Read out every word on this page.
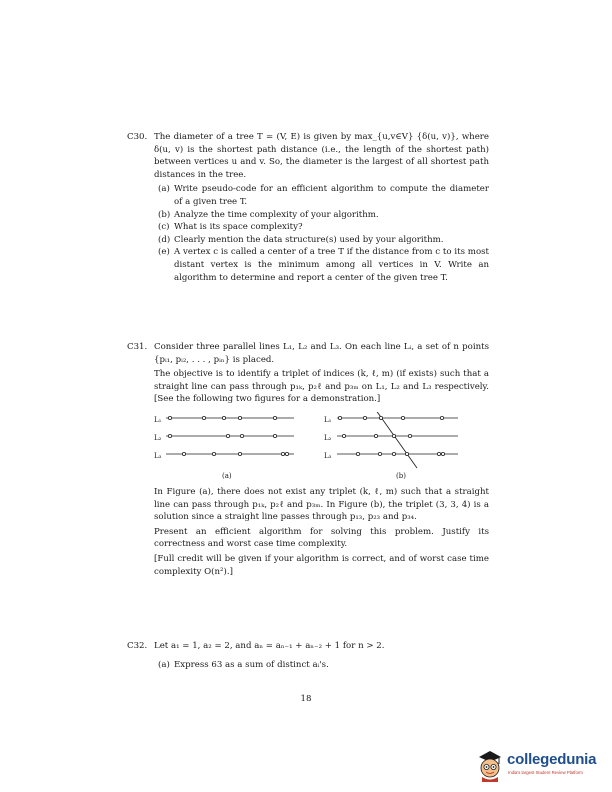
C30. The diameter of a tree T = (V, E) is given by max_{u,v∈V} {δ(u, v)}, where δ(u, v) is the shortest path distance (i.e., the length of the shortest path) between vertices u and v. So, the diameter is the largest of all shortest path distances in the tree.

(a) Write pseudo-code for an efficient algorithm to compute the diameter of a given tree T.
(b) Analyze the time complexity of your algorithm.
(c) What is its space complexity?
(d) Clearly mention the data structure(s) used by your algorithm.
(e) A vertex c is called a center of a tree T if the distance from c to its most distant vertex is the minimum among all vertices in V. Write an algorithm to determine and report a center of the given tree T.
C31. Consider three parallel lines L₁, L₂ and L₃. On each line Lᵢ, a set of n points {pᵢ₁, pᵢ₂, . . . , pᵢₙ} is placed.

The objective is to identify a triplet of indices (k, ℓ, m) (if exists) such that a straight line can pass through p₁ₖ, p₂ℓ and p₃ₘ on L₁, L₂ and L₃ respectively. [See the following two figures for a demonstration.]

L₁
L₂
L₃
L₁
L₂
L₃
(a)	(b)

In Figure (a), there does not exist any triplet (k, ℓ, m) such that a straight line can pass through p₁ₖ, p₂ℓ and p₃ₘ. In Figure (b), the triplet (3, 3, 4) is a solution since a straight line passes through p₁₃, p₂₃ and p₃₄.

Present an efficient algorithm for solving this problem. Justify its correctness and worst case time complexity.

[Full credit will be given if your algorithm is correct, and of worst case time complexity O(n²).]

C32. Let a₁ = 1, a₂ = 2, and aₙ = aₙ₋₁ + aₙ₋₂ + 1 for n > 2.

(a) Express 63 as a sum of distinct aᵢ's.
18
collegedunia
India's largest Student Review Platform
